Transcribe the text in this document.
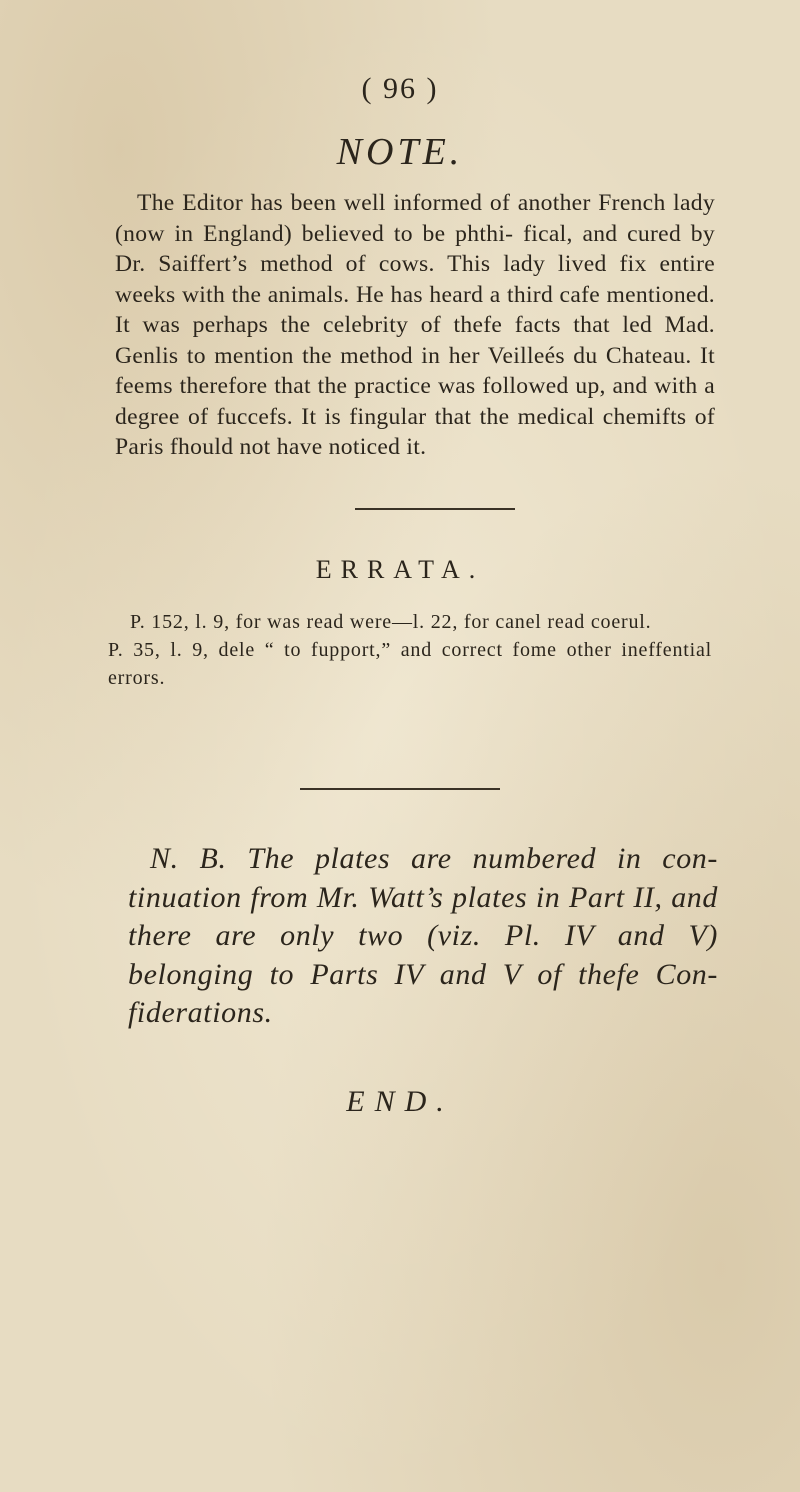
( 96 )
NOTE.
The Editor has been well informed of another French lady (now in England) believed to be phthi- fical, and cured by Dr. Saiffert’s method of cows. This lady lived fix entire weeks with the animals. He has heard a third cafe mentioned. It was perhaps the celebrity of thefe facts that led Mad. Genlis to mention the method in her Veilleés du Chateau. It feems therefore that the practice was followed up, and with a degree of fuccefs. It is fingular that the medical chemifts of Paris fhould not have noticed it.
ERRATA.

P. 152, l. 9, for was read were—l. 22, for canel read coerul.

P. 35, l. 9, dele “ to fupport,” and correct fome other ineffential errors.

N. B. The plates are numbered in con- tinuation from Mr. Watt’s plates in Part II, and there are only two (viz. Pl. IV and V) belonging to Parts IV and V of thefe Con- fiderations.
END.
